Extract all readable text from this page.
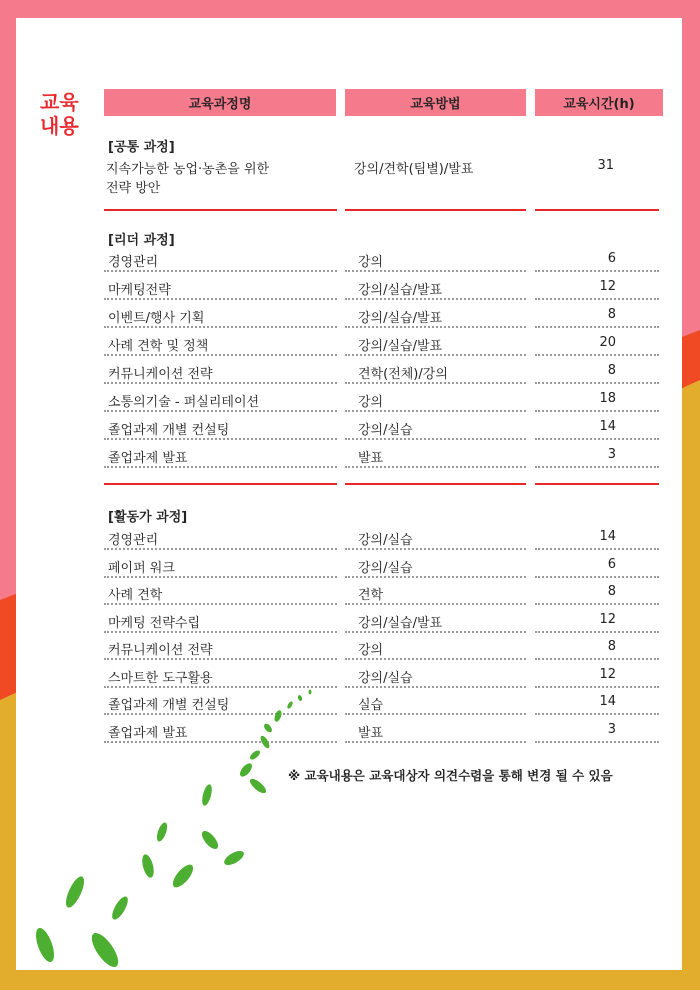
교육
내용
교육과정명	교육방법	교육시간(h)
[공통 과정]
지속가능한 농업·농촌을 위한
전략 방안
강의/견학(팀별)/발표	31
[리더 과정]
경영관리	강의	6
마케팅전략	강의/실습/발표	12
이벤트/행사 기획	강의/실습/발표	8
사례 견학 및 정책	강의/실습/발표	20
커뮤니케이션 전략	견학(전체)/강의	8
소통의기술 - 퍼실리테이션	강의	18
졸업과제 개별 컨설팅	강의/실습	14
졸업과제 발표	발표	3
[활동가 과정]
경영관리	강의/실습	14
페이퍼 워크	강의/실습	6
사례 견학	견학	8
마케팅 전략수립	강의/실습/발표	12
커뮤니케이션 전략	강의	8
스마트한 도구활용	강의/실습	12
졸업과제 개별 컨설팅	실습	14
졸업과제 발표	발표	3
※ 교육내용은 교육대상자 의견수렴을 통해 변경 될 수 있음
